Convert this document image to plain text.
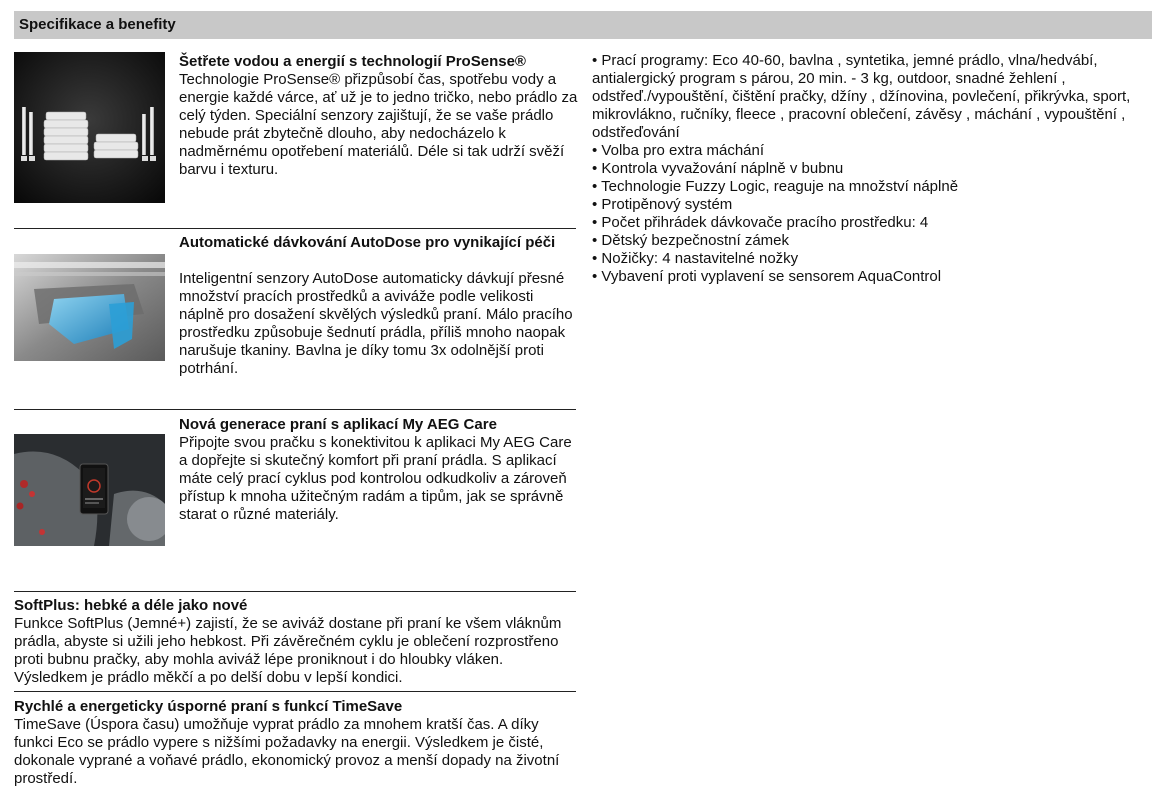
Specifikace a benefity
Šetřete vodou a energií s technologií ProSense®
Technologie ProSense® přizpůsobí čas, spotřebu vody a energie každé várce, ať už je to jedno tričko, nebo prádlo za celý týden. Speciální senzory zajištují, že se vaše prádlo nebude prát zbytečně dlouho, aby nedocházelo k nadměrnému opotřebení materiálů. Déle si tak udrží svěží barvu i texturu.
Automatické dávkování AutoDose pro vynikající péči
Inteligentní senzory AutoDose automaticky dávkují přesné množství pracích prostředků a aviváže podle velikosti náplně pro dosažení skvělých výsledků praní. Málo pracího prostředku způsobuje šednutí prádla, příliš mnoho naopak narušuje tkaniny. Bavlna je díky tomu 3x odolnější proti potrhání.
Nová generace praní s aplikací My AEG Care
Připojte svou pračku s konektivitou k aplikaci My AEG Care a dopřejte si skutečný komfort při praní prádla. S aplikací máte celý prací cyklus pod kontrolou odkudkoliv a zároveň přístup k mnoha užitečným radám a tipům, jak se správně starat o různé materiály.
SoftPlus: hebké a déle jako nové
Funkce SoftPlus (Jemné+) zajistí, že se aviváž dostane při praní ke všem vláknům prádla, abyste si užili jeho hebkost. Při závěrečném cyklu je oblečení rozprostřeno proti bubnu pračky, aby mohla aviváž lépe proniknout i do hloubky vláken. Výsledkem je prádlo měkčí a po delší dobu v lepší kondici.
Rychlé a energeticky úsporné praní s funkcí TimeSave
TimeSave (Úspora času) umožňuje vyprat prádlo za mnohem kratší čas. A díky funkci Eco se prádlo vypere s nižšími požadavky na energii. Výsledkem je čisté, dokonale vyprané a voňavé prádlo, ekonomický provoz a menší dopady na životní prostředí.
• Prací programy: Eco 40-60, bavlna , syntetika, jemné prádlo, vlna/hedvábí, antialergický program s párou, 20 min. - 3 kg, outdoor, snadné žehlení , odstřeď./vypouštění, čištění pračky, džíny , džínovina, povlečení, přikrývka, sport, mikrovlákno, ručníky, fleece , pracovní oblečení, závěsy , máchání , vypouštění , odstřeďování
• Volba pro extra máchání
• Kontrola vyvažování náplně v bubnu
• Technologie Fuzzy Logic, reaguje na množství náplně
• Protipěnový systém
• Počet přihrádek dávkovače pracího prostředku: 4
• Dětský bezpečnostní zámek
• Nožičky: 4 nastavitelné nožky
• Vybavení proti vyplavení se sensorem AquaControl
